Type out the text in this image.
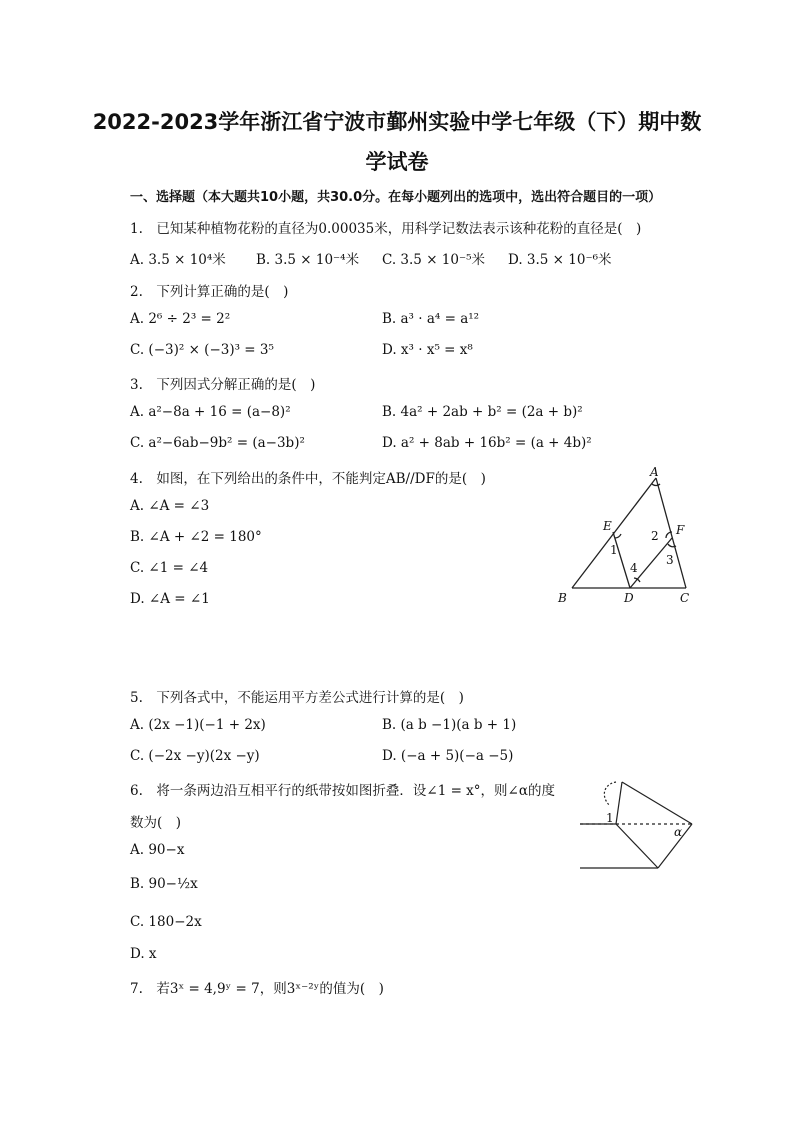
2022-2023学年浙江省宁波市鄞州实验中学七年级（下）期中数
学试卷
一、选择题（本大题共10小题，共30.0分。在每小题列出的选项中，选出符合题目的一项）
1.　已知某种植物花粉的直径为0.00035米，用科学记数法表示该种花粉的直径是(　)
A. 3.5 × 10⁴米 B. 3.5 × 10⁻⁴米 C. 3.5 × 10⁻⁵米 D. 3.5 × 10⁻⁶米
2.　下列计算正确的是(　)
A. 2⁶ ÷ 2³ = 2²	B. a³ · a⁴ = a¹²
C. (−3)² × (−3)³ = 3⁵	D. x³ · x⁵ = x⁸
3.　下列因式分解正确的是(　)
A. a²−8a + 16 = (a−8)²	B. 4a² + 2ab + b² = (2a + b)²
C. a²−6ab−9b² = (a−3b)²	D. a² + 8ab + 16b² = (a + 4b)²
4.　如图，在下列给出的条件中，不能判定AB//DF的是(　)
A. ∠A = ∠3
B. ∠A + ∠2 = 180°
C. ∠1 = ∠4
D. ∠A = ∠1
A
E	F
B	D	C
1
2
3
4
5.　下列各式中，不能运用平方差公式进行计算的是(　)
A. (2x −1)(−1 + 2x)	B. (a b −1)(a b + 1)
C. (−2x −y)(2x −y)	D. (−a + 5)(−a −5)
6.　将一条两边沿互相平行的纸带按如图折叠．设∠1 = x°，则∠α的度
数为(　)
A. 90−x
B. 90−½x
C. 180−2x
D. x
1
α
7.　若3ˣ = 4,9ʸ = 7，则3ˣ⁻²ʸ的值为(　)
